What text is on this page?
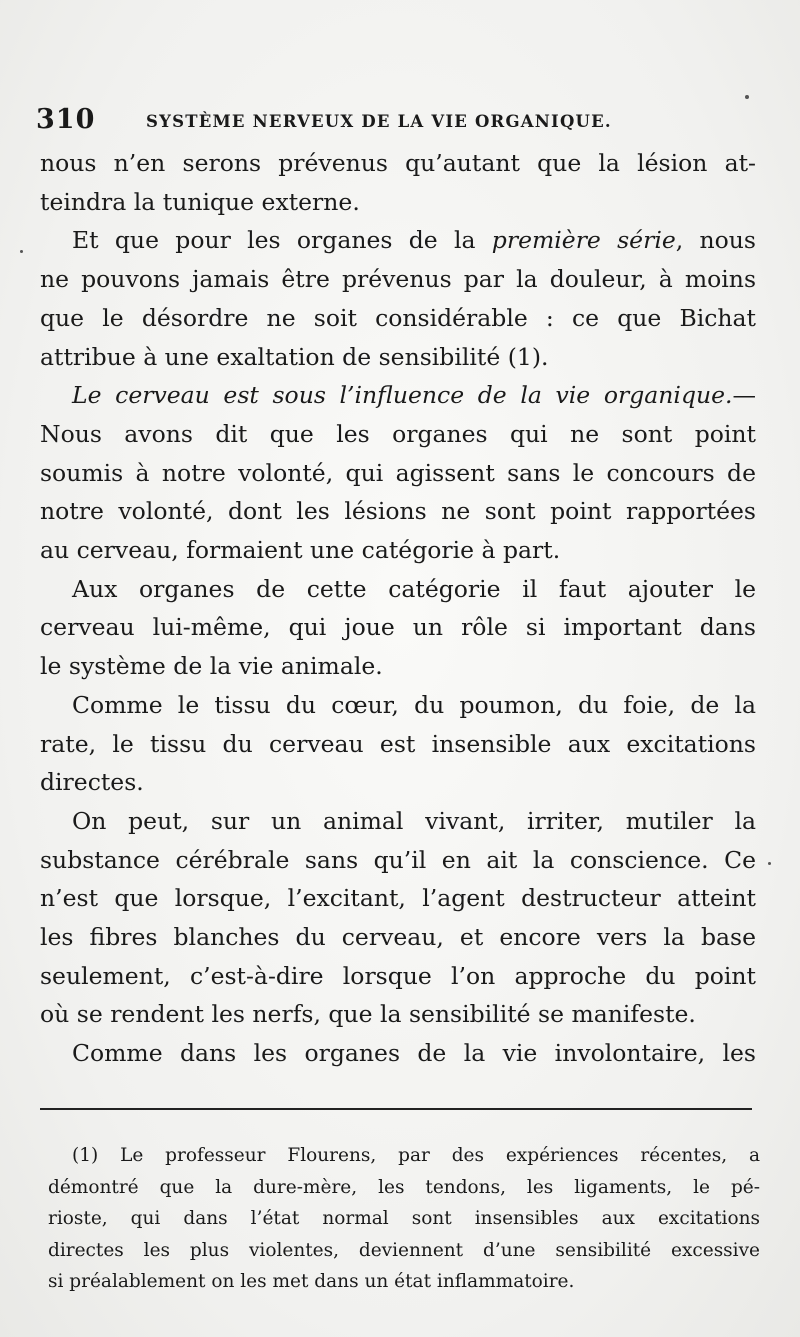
310	SYSTÈME NERVEUX DE LA VIE ORGANIQUE.

nous n’en serons prévenus qu’autant que la lésion at-
teindra la tunique externe.

Et que pour les organes de la première série, nous
ne pouvons jamais être prévenus par la douleur, à moins
que le désordre ne soit considérable : ce que Bichat
attribue à une exaltation de sensibilité (1).

Le cerveau est sous l’influence de la vie organique.—
Nous avons dit que les organes qui ne sont point
soumis à notre volonté, qui agissent sans le concours de
notre volonté, dont les lésions ne sont point rapportées
au cerveau, formaient une catégorie à part.

Aux organes de cette catégorie il faut ajouter le
cerveau lui-même, qui joue un rôle si important dans
le système de la vie animale.

Comme le tissu du cœur, du poumon, du foie, de la
rate, le tissu du cerveau est insensible aux excitations
directes.

On peut, sur un animal vivant, irriter, mutiler la
substance cérébrale sans qu’il en ait la conscience. Ce
n’est que lorsque, l’excitant, l’agent destructeur atteint
les fibres blanches du cerveau, et encore vers la base
seulement, c’est-à-dire lorsque l’on approche du point
où se rendent les nerfs, que la sensibilité se manifeste.

Comme dans les organes de la vie involontaire, les

(1) Le professeur Flourens, par des expériences récentes, a
démontré que la dure-mère, les tendons, les ligaments, le pé-
rioste, qui dans l’état normal sont insensibles aux excitations
directes les plus violentes, deviennent d’une sensibilité excessive
si préalablement on les met dans un état inflammatoire.
